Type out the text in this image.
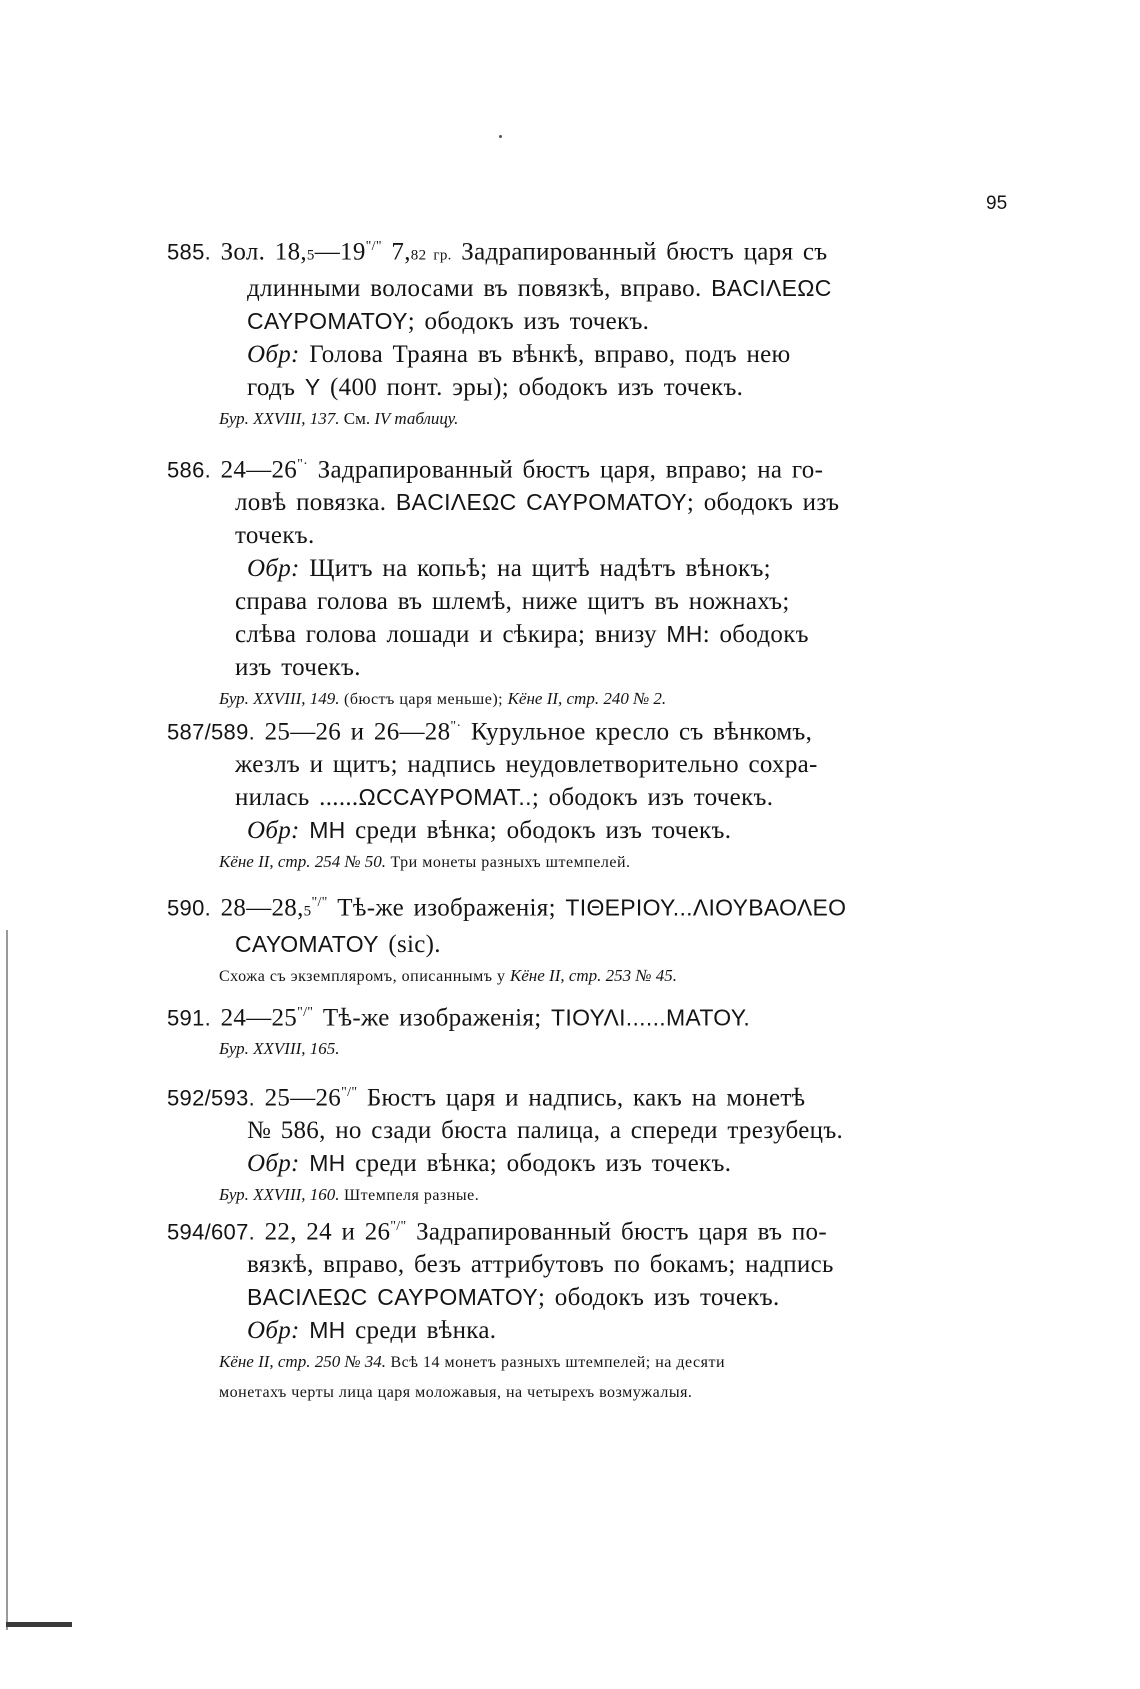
95
585. Зол. 18,5—19"/" 7,82 гр. Задрапированный бюстъ царя съ
длинными волосами въ повязкѣ, вправо. ΒΑCΙΛΕΩC
CΑΥΡΟΜΑΤΟΥ; ободокъ изъ точекъ.
Обр: Голова Траяна въ вѣнкѣ, вправо, подъ нею
годъ Υ (400 понт. эры); ободокъ изъ точекъ.
Бур. XXVIII, 137. См. IV таблицу.
586. 24—26"· Задрапированный бюстъ царя, вправо; на го-
ловѣ повязка. ΒΑCΙΛΕΩC CΑΥΡΟΜΑΤΟΥ; ободокъ изъ
точекъ.
Обр: Щитъ на копьѣ; на щитѣ надѣтъ вѣнокъ;
справа голова въ шлемѣ, ниже щитъ въ ножнахъ;
слѣва голова лошади и сѣкира; внизу ΜΗ: ободокъ
изъ точекъ.
Бур. XXVIII, 149. (бюстъ царя меньше); Кёне II, стр. 240 № 2.
587/589. 25—26 и 26—28"· Курульное кресло съ вѣнкомъ,
жезлъ и щитъ; надпись неудовлетворительно сохра-
нилась ......ΩCCΑΥΡΟΜΑΤ..; ободокъ изъ точекъ.
Обр: ΜΗ среди вѣнка; ободокъ изъ точекъ.
Кёне II, стр. 254 № 50. Три монеты разныхъ штемпелей.
590. 28—28,5"/" Тѣ-же изображенія; ΤΙΘΕΡΙΟΥ...ΛΙΟΥΒΑΟΛΕΟ
CΑΥΟΜΑΤΟΥ (sic).
Схожа съ экземпляромъ, описаннымъ у Кёне II, стр. 253 № 45.
591. 24—25"/" Тѣ-же изображенія; ΤΙΟΥΛΙ......ΜΑΤΟΥ.
Бур. XXVIII, 165.
592/593. 25—26"/" Бюстъ царя и надпись, какъ на монетѣ
№ 586, но сзади бюста палица, а спереди трезубецъ.
Обр: ΜΗ среди вѣнка; ободокъ изъ точекъ.
Бур. XXVIII, 160. Штемпеля разные.
594/607. 22, 24 и 26"/" Задрапированный бюстъ царя въ по-
вязкѣ, вправо, безъ аттрибутовъ по бокамъ; надпись
ΒΑCΙΛΕΩC CΑΥΡΟΜΑΤΟΥ; ободокъ изъ точекъ.
Обр: ΜΗ среди вѣнка.
Кёне II, стр. 250 № 34. Всѣ 14 монетъ разныхъ штемпелей; на десяти
монетахъ черты лица царя моложавыя, на четырехъ возмужалыя.
